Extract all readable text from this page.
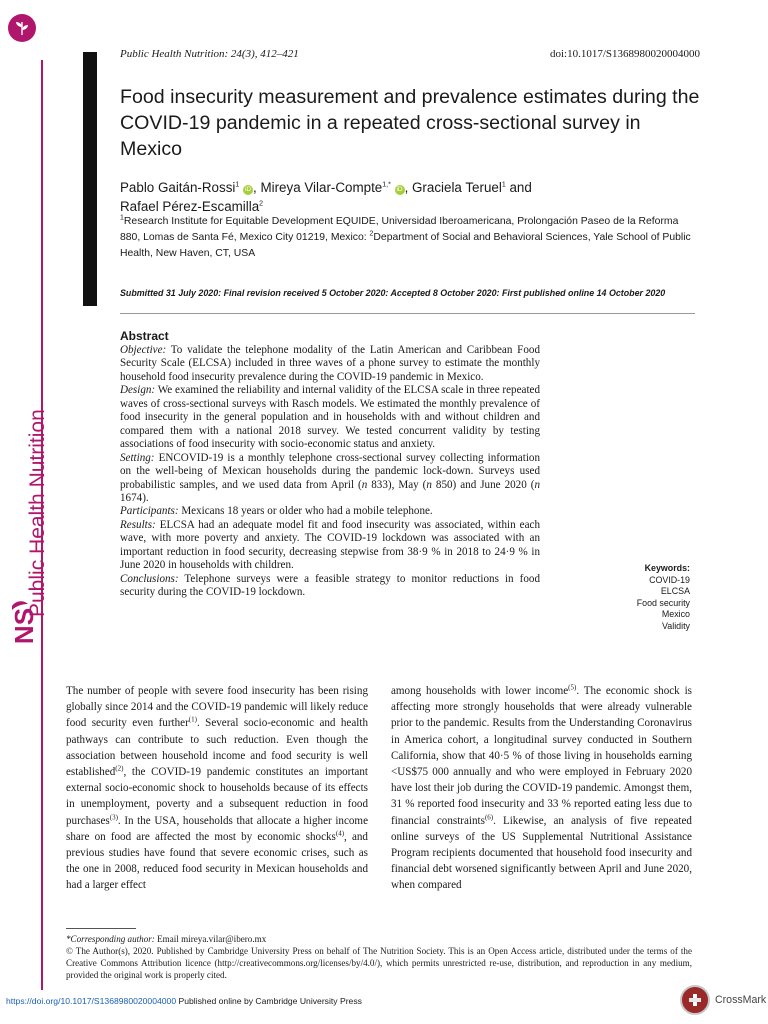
Public Health Nutrition
NS
Public Health Nutrition: 24(3), 412–421	doi:10.1017/S1368980020004000
Food insecurity measurement and prevalence estimates during the COVID-19 pandemic in a repeated cross-sectional survey in Mexico
Pablo Gaitán-Rossi$^1$ iD , Mireya Vilar-Compte$^{1,*}$ iD , Graciela Teruel$^1$ and
Rafael Pérez-Escamilla$^2$
$^1$Research Institute for Equitable Development EQUIDE, Universidad Iberoamericana, Prolongación Paseo de la Reforma 880, Lomas de Santa Fé, Mexico City 01219, Mexico: $^2$Department of Social and Behavioral Sciences, Yale School of Public Health, New Haven, CT, USA
Submitted 31 July 2020: Final revision received 5 October 2020: Accepted 8 October 2020: First published online 14 October 2020
Abstract

Objective: To validate the telephone modality of the Latin American and Caribbean Food Security Scale (ELCSA) included in three waves of a phone survey to estimate the monthly household food insecurity prevalence during the COVID-19 pandemic in Mexico.

Design: We examined the reliability and internal validity of the ELCSA scale in three repeated waves of cross-sectional surveys with Rasch models. We estimated the monthly prevalence of food insecurity in the general population and in households with and without children and compared them with a national 2018 survey. We tested concurrent validity by testing associations of food insecurity with socio-economic status and anxiety.

Setting: ENCOVID-19 is a monthly telephone cross-sectional survey collecting information on the well-being of Mexican households during the pandemic lock-down. Surveys used probabilistic samples, and we used data from April (n 833), May (n 850) and June 2020 (n 1674).

Participants: Mexicans 18 years or older who had a mobile telephone.

Results: ELCSA had an adequate model fit and food insecurity was associated, within each wave, with more poverty and anxiety. The COVID-19 lockdown was associated with an important reduction in food security, decreasing stepwise from 38·9 % in 2018 to 24·9 % in June 2020 in households with children.

Conclusions: Telephone surveys were a feasible strategy to monitor reductions in food security during the COVID-19 lockdown.

Keywords:
COVID-19
ELCSA
Food security
Mexico
Validity

The number of people with severe food insecurity has been rising globally since 2014 and the COVID-19 pandemic will likely reduce food security even further$^{(1)}$. Several socio-economic and health pathways can contribute to such reduction. Even though the association between household income and food security is well established$^{(2)}$, the COVID-19 pandemic constitutes an important external socio-economic shock to households because of its effects in unemployment, poverty and a subsequent reduction in food purchases$^{(3)}$. In the USA, households that allocate a higher income share on food are affected the most by economic shocks$^{(4)}$, and previous studies have found that severe economic crises, such as the one in 2008, reduced food security in Mexican households and had a larger effect

among households with lower income$^{(5)}$. The economic shock is affecting more strongly households that were already vulnerable prior to the pandemic. Results from the Understanding Coronavirus in America cohort, a longitudinal survey conducted in Southern California, show that 40·5 % of those living in households earning <US$75 000 annually and who were employed in February 2020 have lost their job during the COVID-19 pandemic. Amongst them, 31 % reported food insecurity and 33 % reported eating less due to financial constraints$^{(6)}$. Likewise, an analysis of five repeated online surveys of the US Supplemental Nutritional Assistance Program recipients documented that household food insecurity and financial debt worsened significantly between April and June 2020, when compared

*Corresponding author: Email mireya.vilar@ibero.mx

© The Author(s), 2020. Published by Cambridge University Press on behalf of The Nutrition Society. This is an Open Access article, distributed under the terms of the Creative Commons Attribution licence (http://creativecommons.org/licenses/by/4.0/), which permits unrestricted re-use, distribution, and reproduction in any medium, provided the original work is properly cited.

https://doi.org/10.1017/S1368980020004000 Published online by Cambridge University Press	CrossMark
